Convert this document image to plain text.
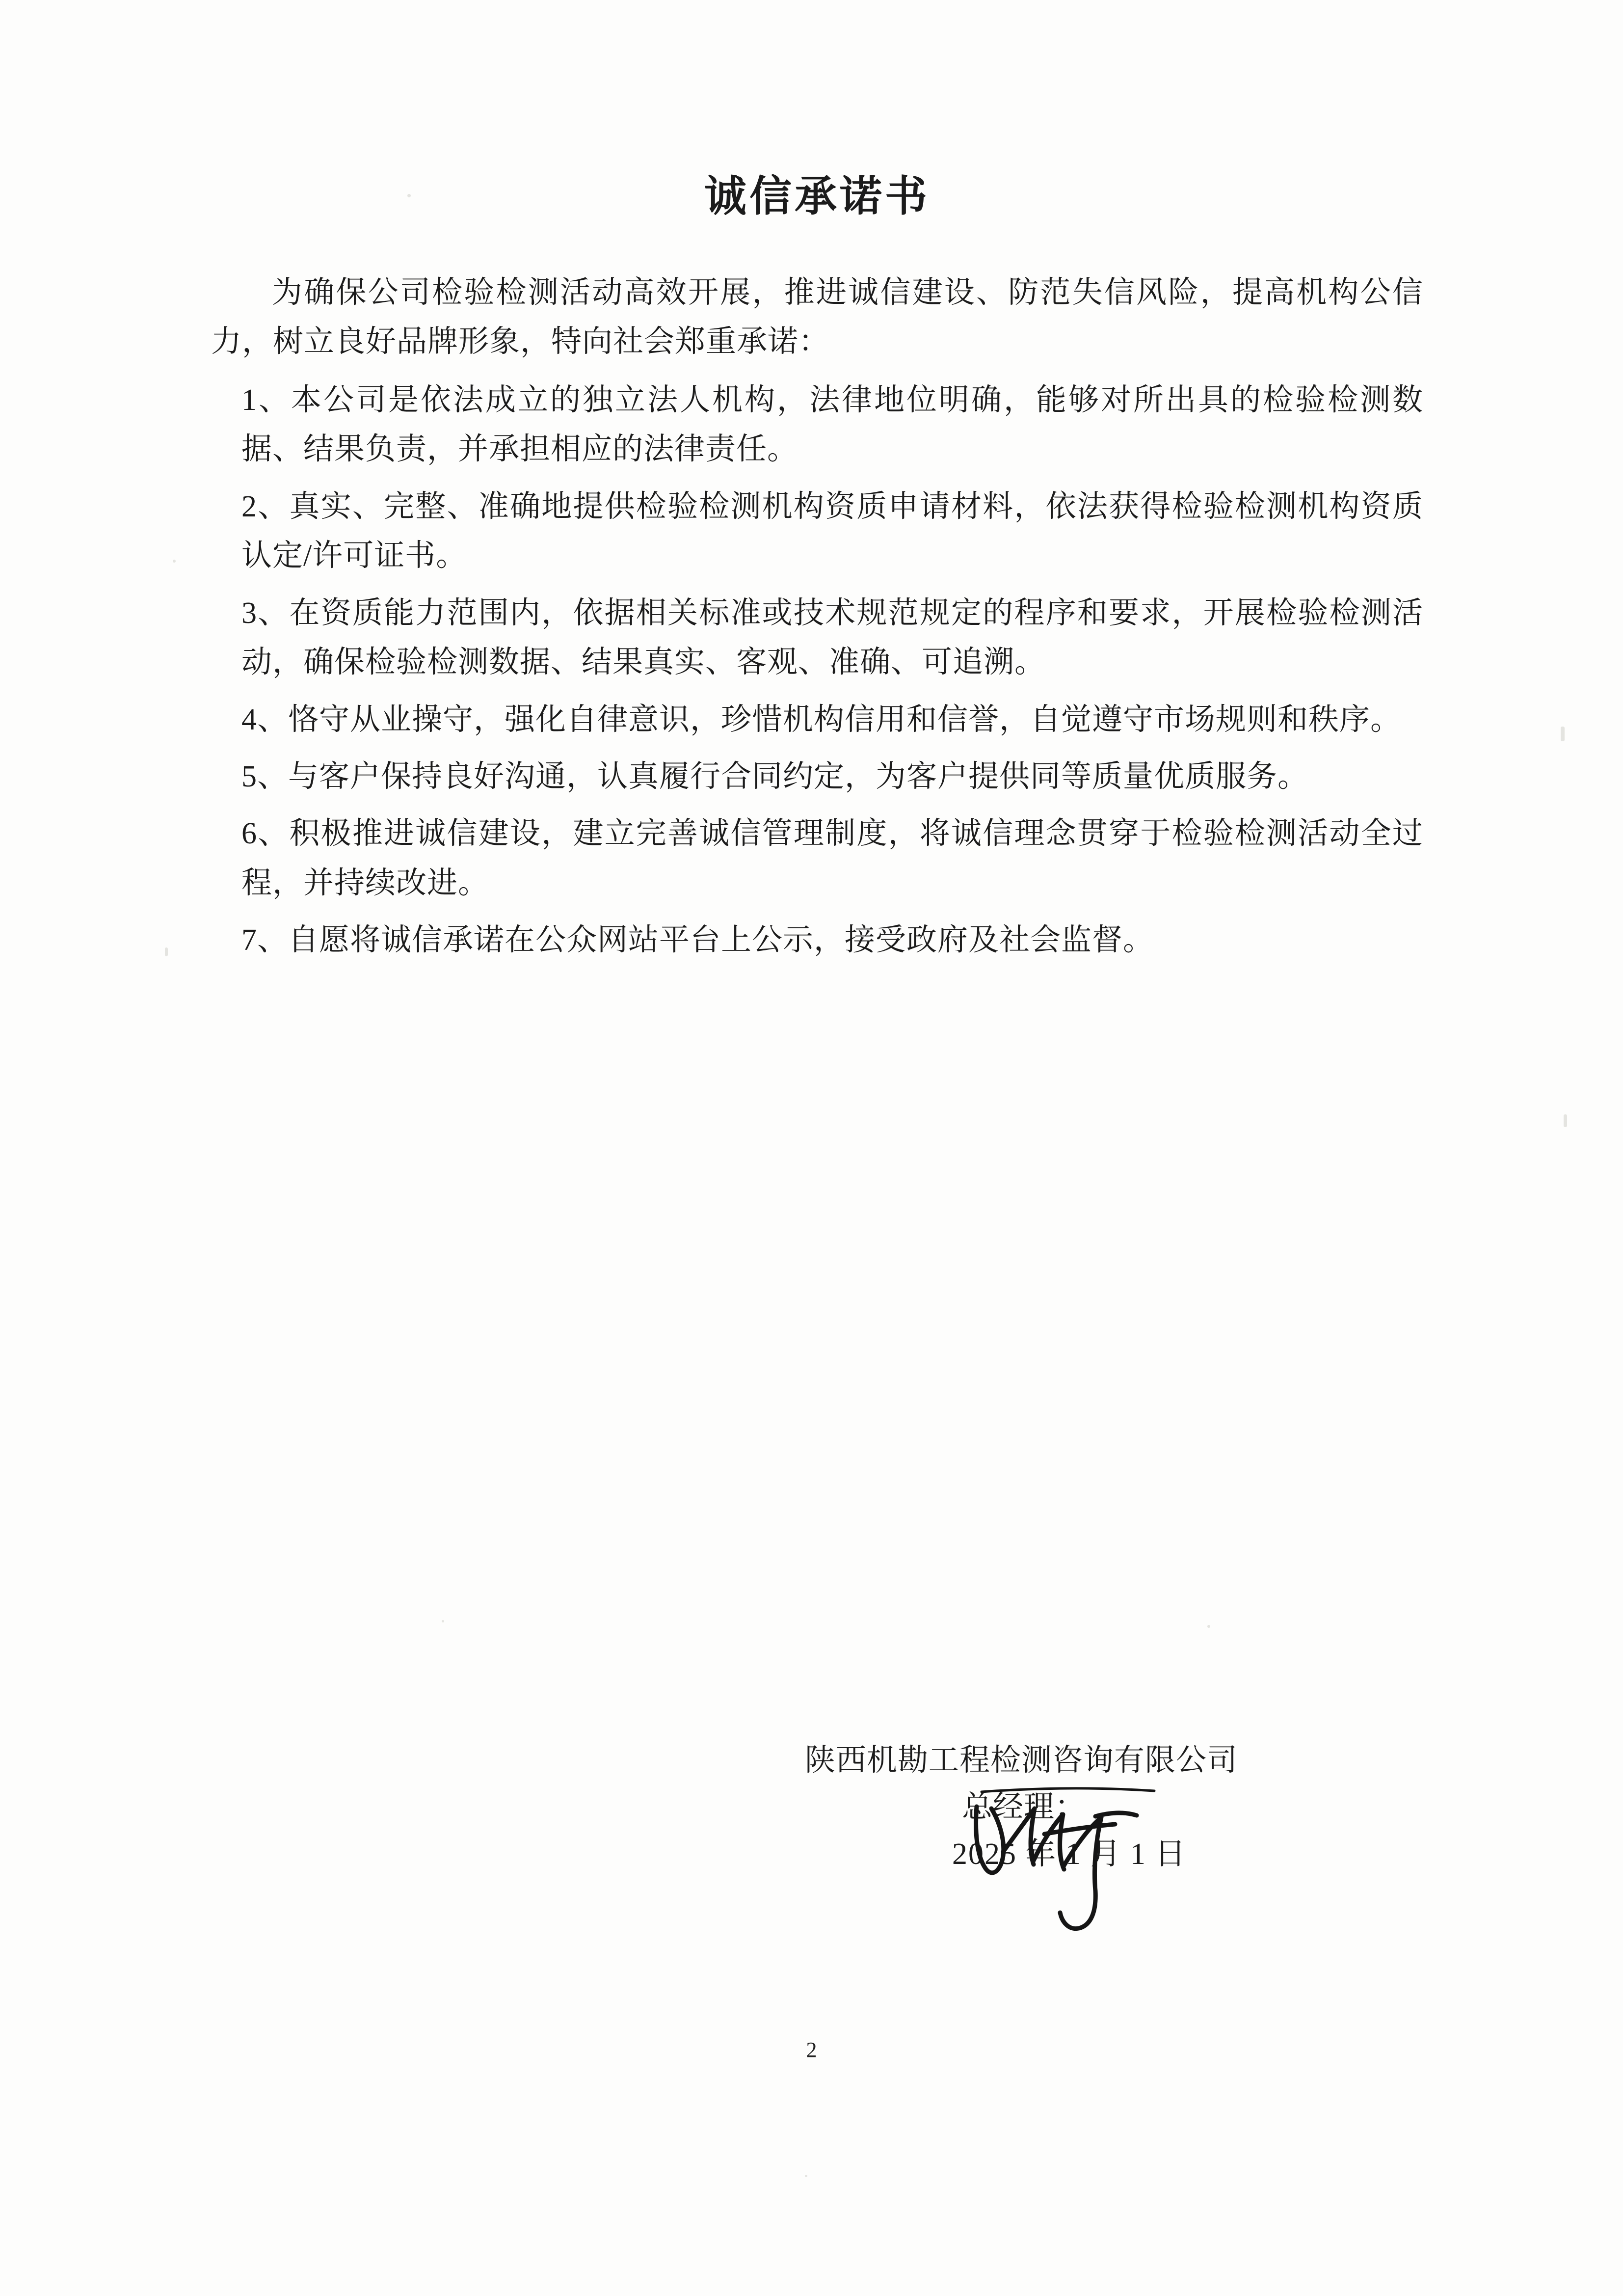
诚信承诺书

为确保公司检验检测活动高效开展，推进诚信建设、防范失信风险，提高机构公信力，树立良好品牌形象，特向社会郑重承诺：

1、本公司是依法成立的独立法人机构，法律地位明确，能够对所出具的检验检测数据、结果负责，并承担相应的法律责任。

2、真实、完整、准确地提供检验检测机构资质申请材料，依法获得检验检测机构资质认定/许可证书。

3、在资质能力范围内，依据相关标准或技术规范规定的程序和要求，开展检验检测活动，确保检验检测数据、结果真实、客观、准确、可追溯。

4、恪守从业操守，强化自律意识，珍惜机构信用和信誉，自觉遵守市场规则和秩序。

5、与客户保持良好沟通，认真履行合同约定，为客户提供同等质量优质服务。

6、积极推进诚信建设，建立完善诚信管理制度，将诚信理念贯穿于检验检测活动全过程，并持续改进。

7、自愿将诚信承诺在公众网站平台上公示，接受政府及社会监督。

陕西机勘工程检测咨询有限公司
总经理：
2025 年 1 月 1 日
2
